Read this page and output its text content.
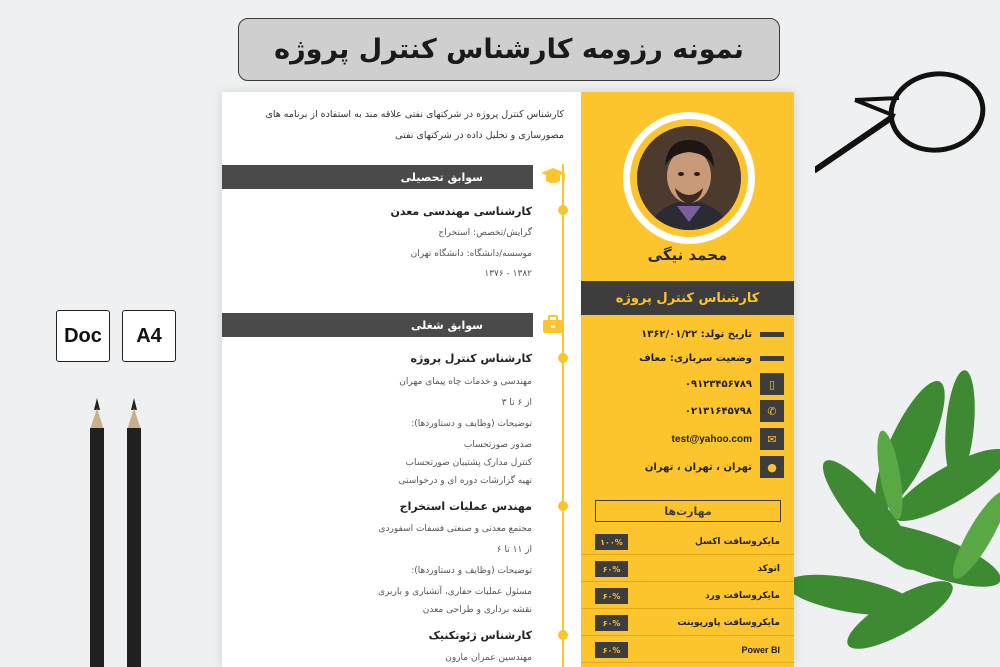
نمونه رزومه کارشناس کنترل پروژه
Doc	A4
کارشناس کنترل پروژه در شرکتهای نفتی علاقه مند به استفاده از برنامه های
مصورسازی و تحلیل داده در شرکتهای نفتی
سوابق تحصیلی
کارشناسی مهندسی معدن
گرایش/تخصص: استخراج
موسسه/دانشگاه: دانشگاه تهران
۱۳۸۲ - ۱۳۷۶
سوابق شغلی
کارشناس کنترل پروژه
مهندسی و خدمات چاه پیمای مهران
از ۶ تا ۳
توضیحات (وظایف و دستاوردها):
صدور صورتحساب
کنترل مدارک پشتیبان صورتحساب
تهیه گزارشات دوره ای و درخواستی
مهندس عملیات استخراج
مجتمع معدنی و صنعتی فسفات اسفوردی
از ۱۱ تا ۶
توضیحات (وظایف و دستاوردها):
مسئول عملیات حفاری، آتشباری و باربری
نقشه برداری و طراحی معدن
کارشناس ژئوتکنیک
مهندسین عمران مارون
محمد نیگی
کارشناس کنترل پروژه
تاریخ تولد: ۱۳۶۲/۰۱/۲۲
وضعیت سربازی: معاف
▯
۰۹۱۲۳۴۵۶۷۸۹
✆
۰۲۱۳۱۶۴۵۷۹۸
✉
test@yahoo.com
●
تهران ، تهران ، تهران
مهارت‌ها
مایکروسافت اکسل
۱۰۰%
اتوکد
۶۰%
مایکروسافت ورد
۶۰%
مایکروسافت پاورپوینت
۶۰%
Power BI
۶۰%
